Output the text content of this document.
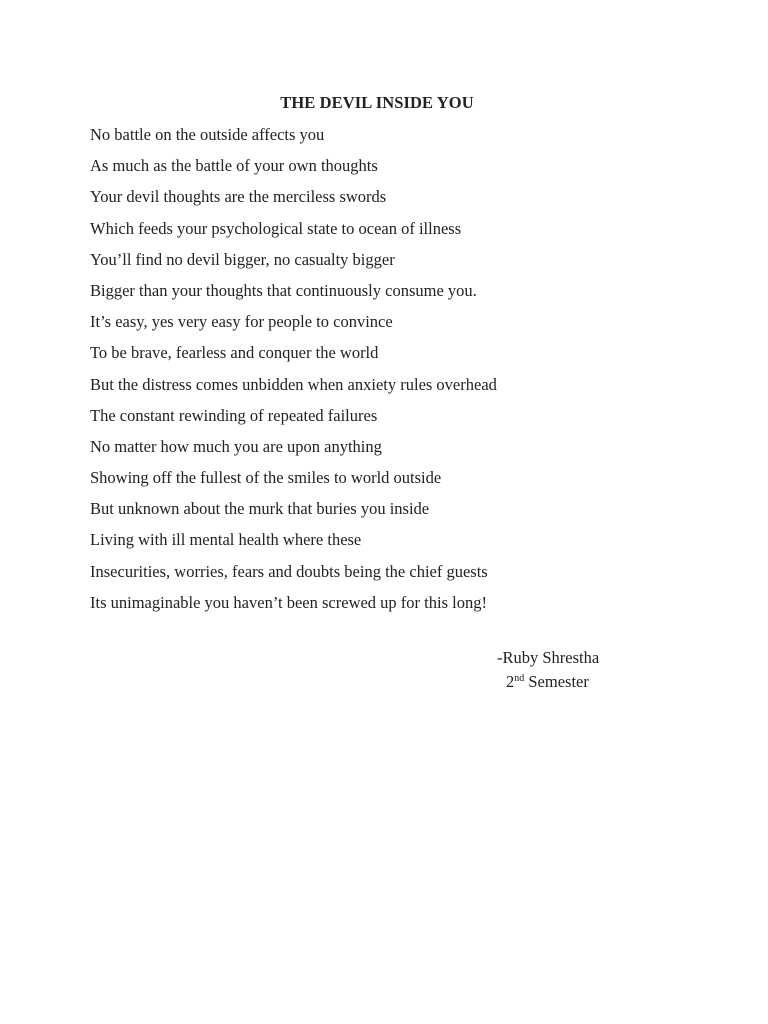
THE DEVIL INSIDE YOU
No battle on the outside affects you
As much as the battle of your own thoughts
Your devil thoughts are the merciless swords
Which feeds your psychological state to ocean of illness
You’ll find no devil bigger, no casualty bigger
Bigger than your thoughts that continuously consume you.
It’s easy, yes very easy for people to convince
To be brave, fearless and conquer the world
But the distress comes unbidden when anxiety rules overhead
The constant rewinding of repeated failures
No matter how much you are upon anything
Showing off the fullest of the smiles to world outside
But unknown about the murk that buries you inside
Living with ill mental health where these
Insecurities, worries, fears and doubts being the chief guests
Its unimaginable you haven’t been screwed up for this long!
-Ruby Shrestha
2nd Semester
